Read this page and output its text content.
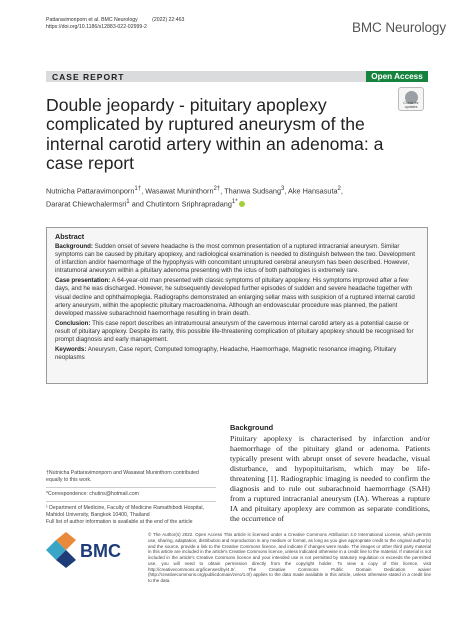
Pattaravimonporn et al. BMC Neurology          (2022) 22:463
https://doi.org/10.1186/s12883-022-02999-2	BMC Neurology
CASE REPORT	Open Access
Check for updates
Double jeopardy - pituitary apoplexy complicated by ruptured aneurysm of the internal carotid artery within an adenoma: a case report
Nutnicha Pattaravimonporn$^{1\dagger}$, Wasawat Muninthorn$^{2\dagger}$, Thanwa Sudsang$^3$, Ake Hansasuta$^2$,
Dararat Chiewchalermsri$^1$ and Chutintorn Sriphrapradang$^{1*}$
Abstract

Background: Sudden onset of severe headache is the most common presentation of a ruptured intracranial aneurysm. Similar symptoms can be caused by pituitary apoplexy, and radiological examination is needed to distinguish between the two. Development of infarction and/or haemorrhage of the hypophysis with concomitant unruptured cerebral aneurysm has been described. However, intratumoral aneurysm within a pituitary adenoma presenting with the ictus of both pathologies is extremely rare.

Case presentation: A 64-year-old man presented with classic symptoms of pituitary apoplexy. His symptoms improved after a few days, and he was discharged. However, he subsequently developed further episodes of sudden and severe headache together with visual decline and ophthalmoplegia. Radiographs demonstrated an enlarging sellar mass with suspicion of a ruptured internal carotid artery aneurysm, within the apoplectic pituitary macroadenoma. Although an endovascular procedure was planned, the patient developed massive subarachnoid haemorrhage resulting in brain death.

Conclusion: This case report describes an intratumoural aneurysm of the cavernous internal carotid artery as a potential cause or result of pituitary apoplexy. Despite its rarity, this possible life-threatening complication of pituitary apoplexy should be recognised for prompt diagnosis and early management.

Keywords: Aneurysm, Case report, Computed tomography, Headache, Haemorrhage, Magnetic resonance imaging, Pituitary neoplasms

Background
Pituitary apoplexy is characterised by infarction and/or haemorrhage of the pituitary gland or adenoma. Patients typically present with abrupt onset of severe headache, visual disturbance, and hypopituitarism, which may be life-threatening [1]. Radiographic imaging is needed to confirm the diagnosis and to rule out subarachnoid haemorrhage (SAH) from a ruptured intracranial aneurysm (IA). Whereas a rupture IA and pituitary apoplexy are common as separate conditions, the occurrence of
†Nutnicha Pattaravimonporn and Wasawat Muninthorn contributed equally to this work.
*Correspondence: chutins@hotmail.com
¹ Department of Medicine, Faculty of Medicine Ramathibodi Hospital, Mahidol University, Bangkok 10400, Thailand
Full list of author information is available at the end of the article
BMC
© The Author(s) 2022. Open Access This article is licensed under a Creative Commons Attribution 4.0 International License, which permits use, sharing, adaptation, distribution and reproduction in any medium or format, as long as you give appropriate credit to the original author(s) and the source, provide a link to the Creative Commons licence, and indicate if changes were made. The images or other third party material in this article are included in the article's Creative Commons licence, unless indicated otherwise in a credit line to the material. If material is not included in the article's Creative Commons licence and your intended use is not permitted by statutory regulation or exceeds the permitted use, you will need to obtain permission directly from the copyright holder. To view a copy of this licence, visit http://creativecommons.org/licenses/by/4.0/. The Creative Commons Public Domain Dedication waiver (http://creativecommons.org/publicdomain/zero/1.0/) applies to the data made available in this article, unless otherwise stated in a credit line to the data.
